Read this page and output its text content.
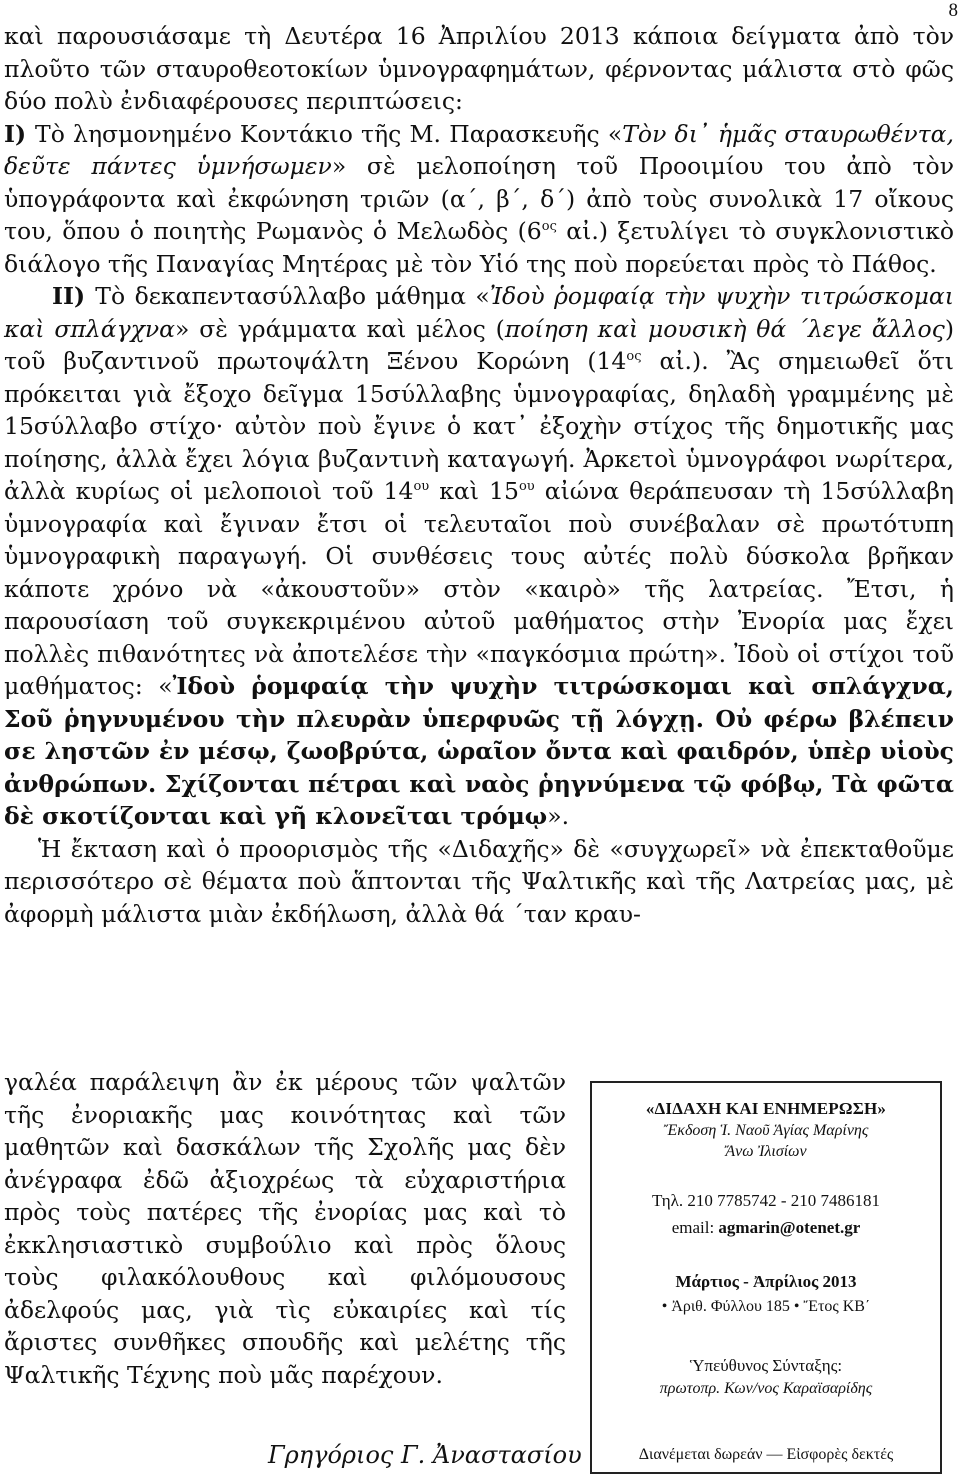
8

καὶ παρουσιάσαμε τὴ Δευτέρα 16 Ἀπριλίου 2013 κάποια δείγματα ἀπὸ τὸν πλοῦτο τῶν σταυροθεοτοκίων ὑμνογραφημάτων, φέρνοντας μάλιστα στὸ φῶς δύο πολὺ ἐνδιαφέρουσες περιπτώσεις:

Ι) Τὸ λησμονημένο Κοντάκιο τῆς Μ. Παρασκευῆς «Τὸν δι᾽ ἡμᾶς σταυρωθέντα, δεῦτε πάντες ὑμνήσωμεν» σὲ μελοποίηση τοῦ Προοιμίου του ἀπὸ τὸν ὑπογράφοντα καὶ ἐκφώνηση τριῶν (α΄, β΄, δ΄) ἀπὸ τοὺς συνολικὰ 17 οἴκους του, ὅπου ὁ ποιητὴς Ρωμανὸς ὁ Μελωδὸς ($6^{o\varsigma}$ αἰ.) ξετυλίγει τὸ συγκλονιστικὸ διάλογο τῆς Παναγίας Μητέρας μὲ τὸν Υἱό της ποὺ πορεύεται πρὸς τὸ Πάθος.

ΙΙ) Τὸ δεκαπεντασύλλαβο μάθημα «Ἰδοὺ ῥομφαίᾳ τὴν ψυχὴν τιτρώσκομαι καὶ σπλάγχνα» σὲ γράμματα καὶ μέλος (ποίηση καὶ μουσικὴ θά ΄λεγε ἄλλος) τοῦ βυζαντινοῦ πρωτοψάλτη Ξένου Κορώνη ($14^{o\varsigma}$ αἰ.). Ἂς σημειωθεῖ ὅτι πρόκειται γιὰ ἔξοχο δεῖγμα 15σύλλαβης ὑμνογραφίας, δηλαδὴ γραμμένης μὲ 15σύλλαβο στίχο· αὐτὸν ποὺ ἔγινε ὁ κατ᾽ ἐξοχὴν στίχος τῆς δημοτικῆς μας ποίησης, ἀλλὰ ἔχει λόγια βυζαντινὴ καταγωγή. Ἀρκετοὶ ὑμνογράφοι νωρίτερα, ἀλλὰ κυρίως οἱ μελοποιοὶ τοῦ $14^{o\upsilon}$ καὶ $15^{o\upsilon}$ αἰώνα θεράπευσαν τὴ 15σύλλαβη ὑμνογραφία καὶ ἔγιναν ἔτσι οἱ τελευταῖοι ποὺ συνέβαλαν σὲ πρωτότυπη ὑμνογραφικὴ παραγωγή. Οἱ συνθέσεις τους αὐτές πολὺ δύσκολα βρῆκαν κάποτε χρόνο νὰ «ἀκουστοῦν» στὸν «καιρὸ» τῆς λατρείας. Ἔτσι, ἡ παρουσίαση τοῦ συγκεκριμένου αὐτοῦ μαθήματος στὴν Ἐνορία μας ἔχει πολλὲς πιθανότητες νὰ ἀποτελέσε τὴν «παγκόσμια πρώτη». Ἰδοὺ οἱ στίχοι τοῦ μαθήματος: «Ἰδοὺ ῥομφαίᾳ τὴν ψυχὴν τιτρώσκομαι καὶ σπλάγχνα, Σοῦ ῥηγνυμένου τὴν πλευρὰν ὑπερφυῶς τῇ λόγχῃ. Οὐ φέρω βλέπειν σε ληστῶν ἐν μέσῳ, ζωοβρύτα, ὡραῖον ὄντα καὶ φαιδρόν, ὑπὲρ υἱοὺς ἀνθρώπων. Σχίζονται πέτραι καὶ ναὸς ῥηγνύμενα τῷ φόβῳ, Τὰ φῶτα δὲ σκοτίζονται καὶ γῆ κλονεῖται τρόμῳ».

Ἡ ἔκταση καὶ ὁ προορισμὸς τῆς «Διδαχῆς» δὲ «συγχωρεῖ» νὰ ἐπεκταθοῦμε περισσότερο σὲ θέματα ποὺ ἅπτονται τῆς Ψαλτικῆς καὶ τῆς Λατρείας μας, μὲ ἀφορμὴ μάλιστα μιὰν ἐκδήλωση, ἀλλὰ θά ΄ταν κραυ-

γαλέα παράλειψη ἂν ἐκ μέρους τῶν ψαλτῶν τῆς ἐνοριακῆς μας κοινότητας καὶ τῶν μαθητῶν καὶ δασκάλων τῆς Σχολῆς μας δὲν ἀνέγραφα ἐδῶ ἀξιοχρέως τὰ εὐχαριστήρια πρὸς τοὺς πατέρες τῆς ἐνορίας μας καὶ τὸ ἐκκλησιαστικὸ συμβούλιο καὶ πρὸς ὅλους τοὺς φιλακόλουθους καὶ φιλόμουσους ἀδελφούς μας, γιὰ τὶς εὐκαιρίες καὶ τίς ἄριστες συνθῆκες σπουδῆς καὶ μελέτης τῆς Ψαλτικῆς Τέχνης ποὺ μᾶς παρέχουν.

Γρηγόριος Γ. Ἀναστασίου
«ΔΙΔΑΧΗ ΚΑΙ ΕΝΗΜΕΡΩΣΗ»
Ἔκδοση Ἱ. Ναοῦ Ἁγίας Μαρίνης
Ἄνω Ἰλισίων
Τηλ. 210 7785742 - 210 7486181
email: agmarin@otenet.gr
Μάρτιος - Ἀπρίλιος 2013
• Ἀριθ. Φύλλου 185 • Ἔτος ΚΒ΄
Ὑπεύθυνος Σύνταξης:
πρωτοπρ. Κων/νος Καραϊσαρίδης
Διανέμεται δωρεάν — Εἰσφορὲς δεκτές
